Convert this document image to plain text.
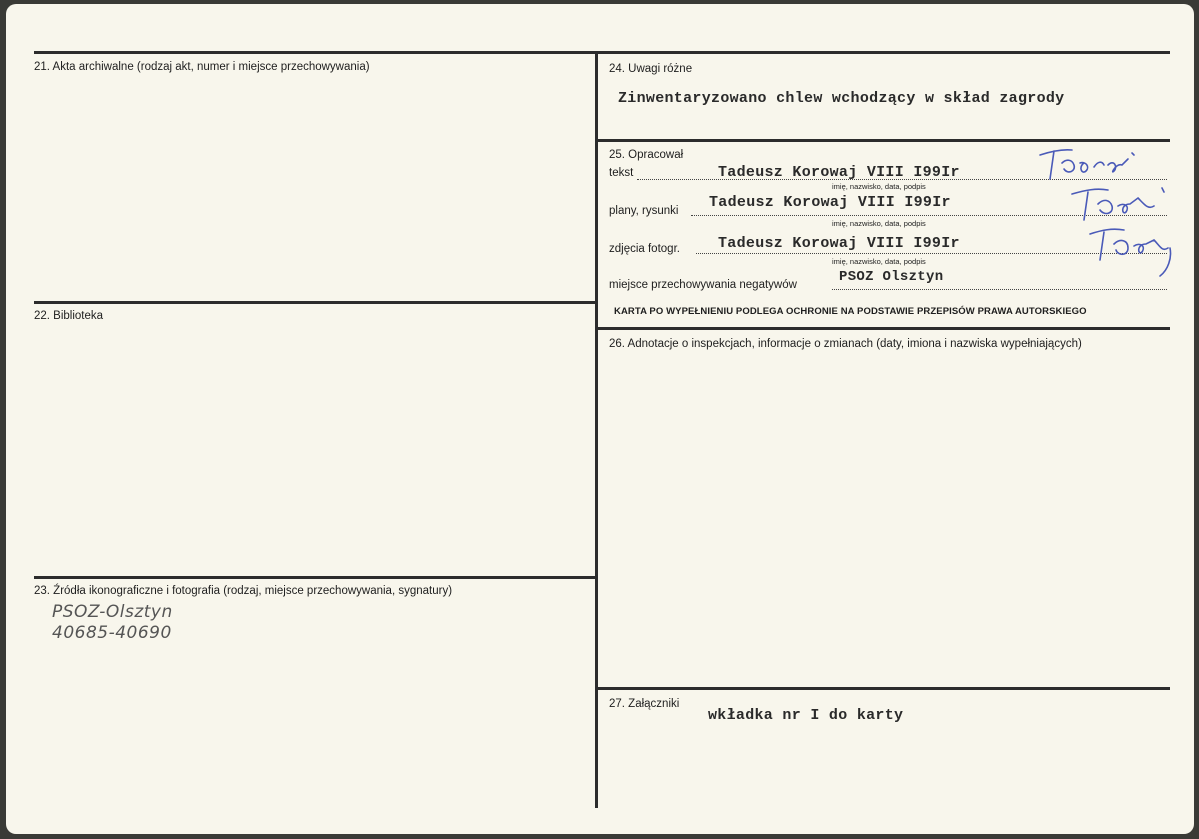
21. Akta archiwalne (rodzaj akt, numer i miejsce przechowywania)
22. Biblioteka
23. Źródła ikonograficzne i fotografia (rodzaj, miejsce przechowywania, sygnatury)
PSOZ-Olsztyn
40685-40690
24. Uwagi różne
Zinwentaryzowano chlew wchodzący w skład zagrody
25. Opracował
tekst	Tadeusz Korowaj VIII I99Ir
imię, nazwisko, data, podpis
plany, rysunki Tadeusz Korowaj VIII I99Ir
imię, nazwisko, data, podpis
zdjęcia fotogr.	Tadeusz Korowaj VIII I99Ir
imię, nazwisko, data, podpis
miejsce przechowywania negatywów	PSOZ Olsztyn
KARTA PO WYPEŁNIENIU PODLEGA OCHRONIE NA PODSTAWIE PRZEPISÓW PRAWA AUTORSKIEGO
26. Adnotacje o inspekcjach, informacje o zmianach (daty, imiona i nazwiska wypełniających)
27. Załączniki
wkładka nr I do karty
